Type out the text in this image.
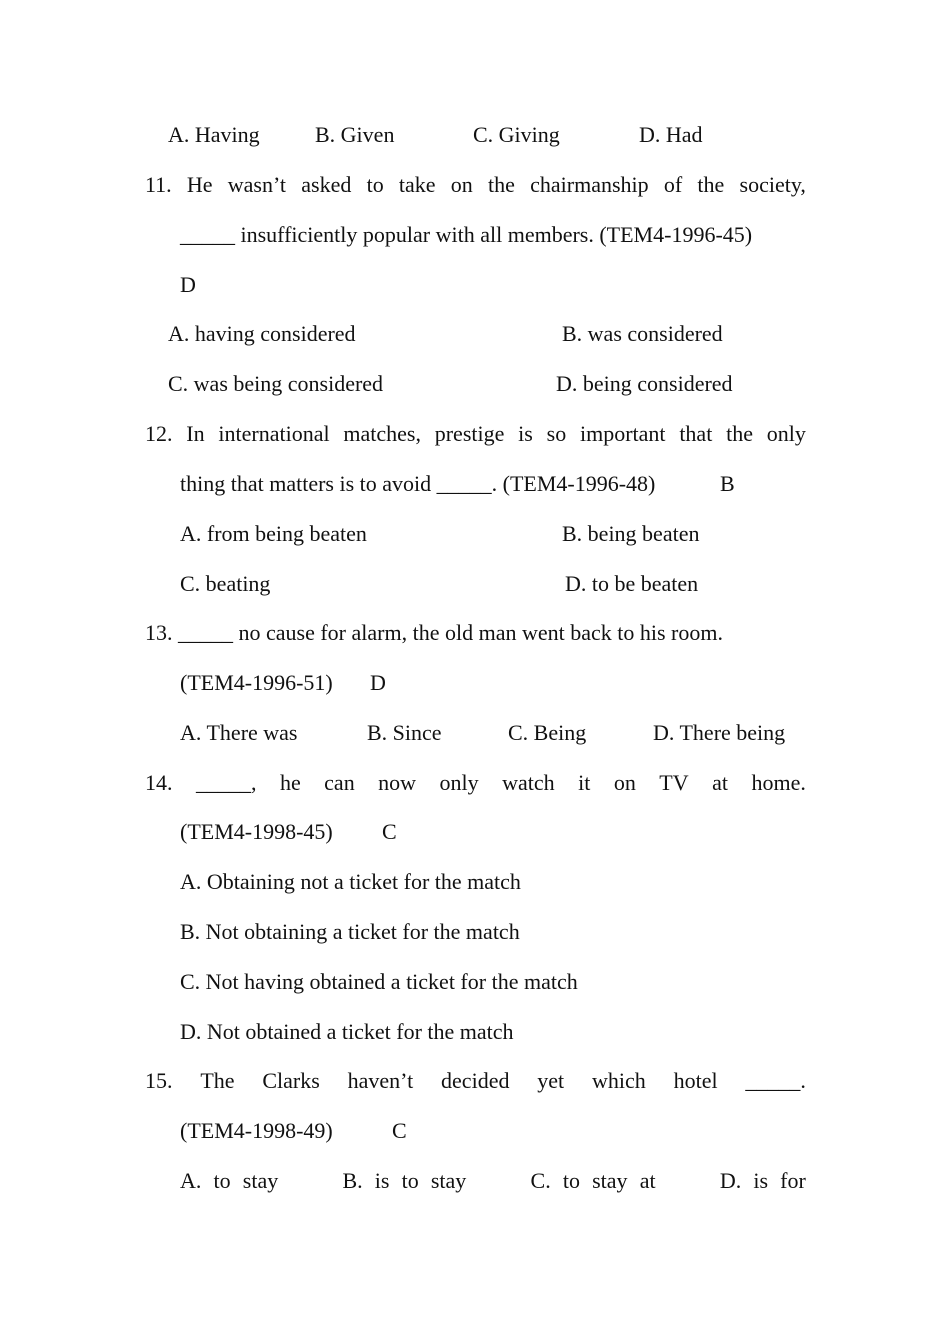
A. Having	B. Given	C. Giving	D. Had
11. He wasn’t asked to take on the chairmanship of the society,
_____ insufficiently popular with all members. (TEM4-1996-45)
D
A. having considered	B. was considered
C. was being considered	D. being considered
12. In international matches, prestige is so important that the only
thing that matters is to avoid _____. (TEM4-1996-48)	B
A. from being beaten	B. being beaten
C. beating	D. to be beaten
13. _____ no cause for alarm, the old man went back to his room.
(TEM4-1996-51) D
A. There was	B. Since	C. Being	D. There being
14. _____, he can now only watch it on TV at home.
(TEM4-1998-45) C
A. Obtaining not a ticket for the match
B. Not obtaining a ticket for the match
C. Not having obtained a ticket for the match
D. Not obtained a ticket for the match
15. The Clarks haven’t decided yet which hotel _____.
(TEM4-1998-49)	C
A. to stay	B. is to stay	C. to stay at	D. is for
